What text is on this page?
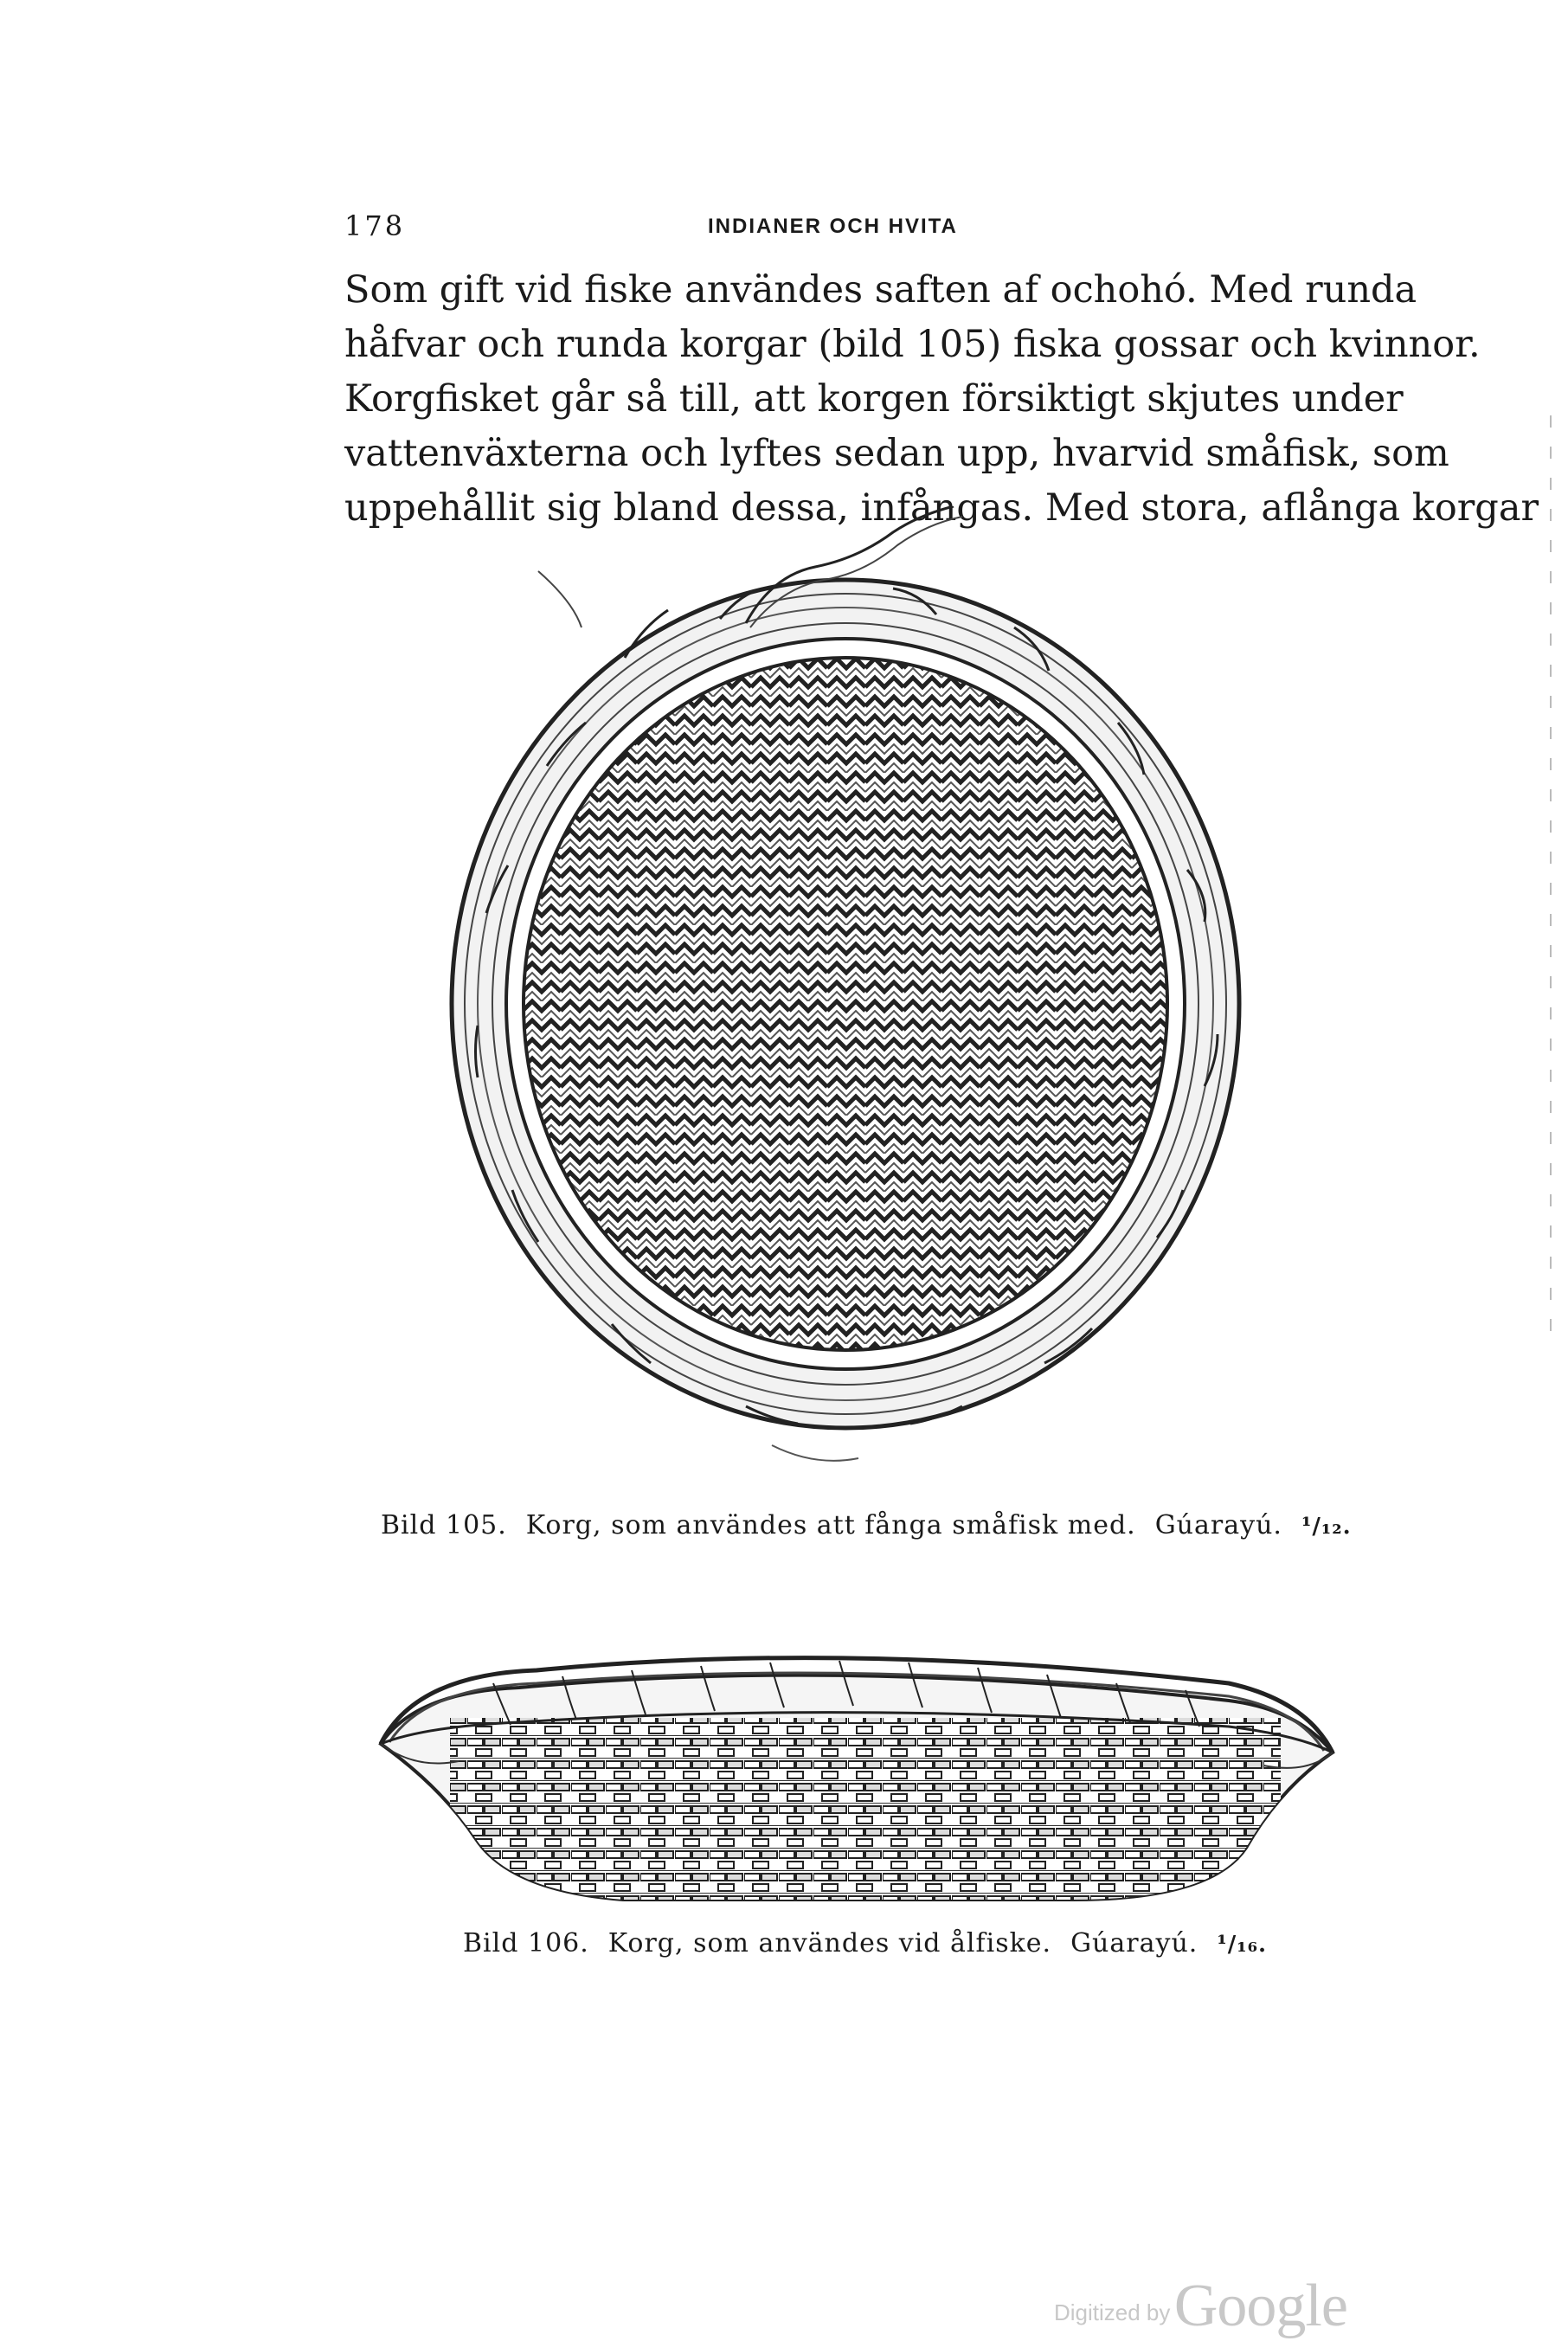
178	INDIANER OCH HVITA
Som gift vid fiske användes saften af ochohó. Med runda
håfvar och runda korgar (bild 105) fiska gossar och kvinnor.
Korgfisket går så till, att korgen försiktigt skjutes under
vattenväxterna och lyftes sedan upp, hvarvid småfisk, som
uppehållit sig bland dessa, infångas. Med stora, aflånga korgar
Bild 105. Korg, som användes att fånga småfisk med. Gúarayú. ¹/₁₂.
Bild 106. Korg, som användes vid ålfiske. Gúarayú. ¹/₁₆.
Digitized by Google
